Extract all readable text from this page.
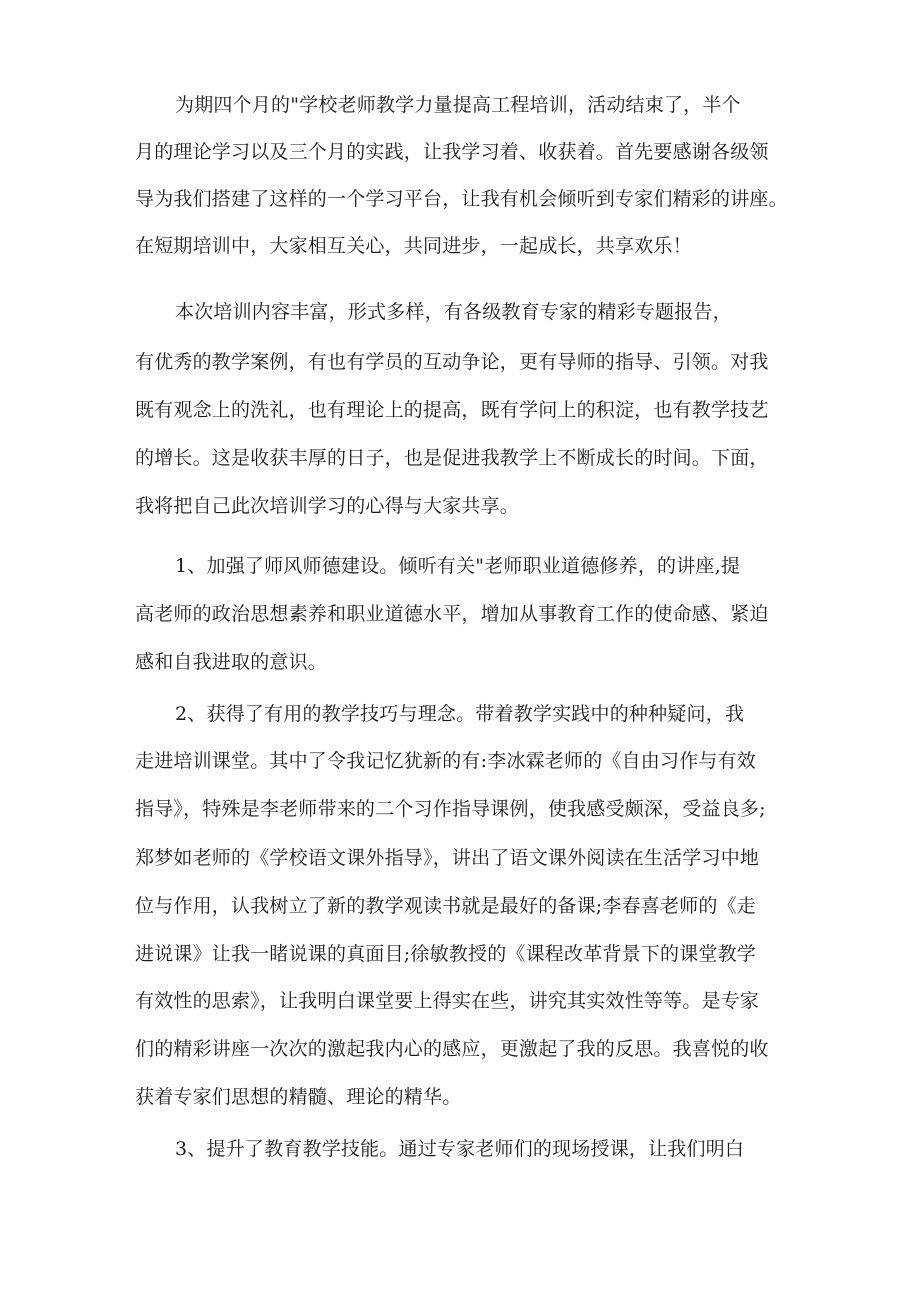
为期四个月的"学校老师教学力量提高工程培训，活动结束了，半个
月的理论学习以及三个月的实践，让我学习着、收获着。首先要感谢各级领
导为我们搭建了这样的一个学习平台，让我有机会倾听到专家们精彩的讲座。
在短期培训中，大家相互关心，共同进步，一起成长，共享欢乐！
本次培训内容丰富，形式多样，有各级教育专家的精彩专题报告，
有优秀的教学案例，有也有学员的互动争论，更有导师的指导、引领。对我
既有观念上的洗礼，也有理论上的提高，既有学问上的积淀，也有教学技艺
的增长。这是收获丰厚的日子，也是促进我教学上不断成长的时间。下面，
我将把自己此次培训学习的心得与大家共享。
1、加强了师风师德建设。倾听有关"老师职业道德修养，的讲座,提
高老师的政治思想素养和职业道德水平，增加从事教育工作的使命感、紧迫
感和自我进取的意识。
2、获得了有用的教学技巧与理念。带着教学实践中的种种疑问，我
走进培训课堂。其中了令我记忆犹新的有:李冰霖老师的《自由习作与有效
指导》，特殊是李老师带来的二个习作指导课例，使我感受颇深，受益良多;
郑梦如老师的《学校语文课外指导》，讲出了语文课外阅读在生活学习中地
位与作用，认我树立了新的教学观读书就是最好的备课;李春喜老师的《走
进说课》让我一睹说课的真面目;徐敏教授的《课程改革背景下的课堂教学
有效性的思索》，让我明白课堂要上得实在些，讲究其实效性等等。是专家
们的精彩讲座一次次的激起我内心的感应，更激起了我的反思。我喜悦的收
获着专家们思想的精髓、理论的精华。
3、提升了教育教学技能。通过专家老师们的现场授课，让我们明白
